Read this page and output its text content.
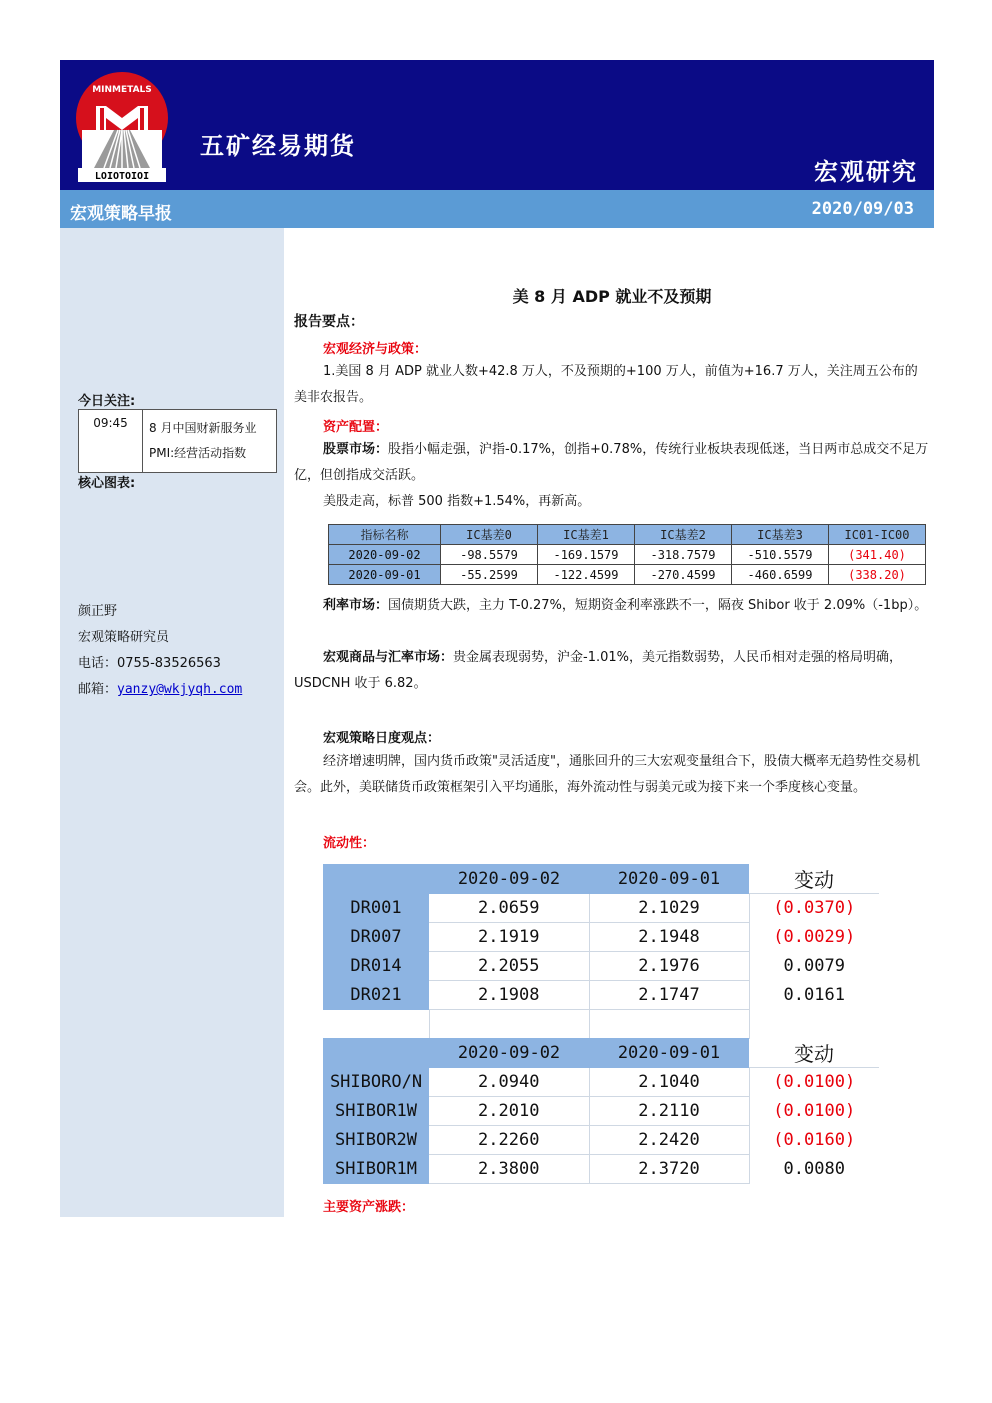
MINMETALS
LOIOTOIOI
五矿经易期货
宏观研究
宏观策略早报	2020/09/03
今日关注:
09:45	8 月中国财新服务业PMI:经营活动指数
核心图表:
颜正野
宏观策略研究员
电话：0755-83526563
邮箱：yanzy@wkjyqh.com
美 8 月 ADP 就业不及预期
报告要点：
宏观经济与政策：
1.美国 8 月 ADP 就业人数+42.8 万人，不及预期的+100 万人，前值为+16.7 万人，关注周五公布的美非农报告。
资产配置：
股票市场：股指小幅走强，沪指-0.17%，创指+0.78%，传统行业板块表现低迷，当日两市总成交不足万亿，但创指成交活跃。
美股走高，标普 500 指数+1.54%，再新高。
指标名称	IC基差0	IC基差1	IC基差2	IC基差3	IC01-IC00
2020-09-02	-98.5579	-169.1579	-318.7579	-510.5579	(341.40)
2020-09-01	-55.2599	-122.4599	-270.4599	-460.6599	(338.20)
利率市场：国债期货大跌，主力 T-0.27%，短期资金利率涨跌不一，隔夜 Shibor 收于 2.09%（-1bp）。
宏观商品与汇率市场：贵金属表现弱势，沪金-1.01%，美元指数弱势，人民币相对走强的格局明确，USDCNH 收于 6.82。
宏观策略日度观点：
经济增速明牌，国内货币政策"灵活适度"，通胀回升的三大宏观变量组合下，股债大概率无趋势性交易机会。此外，美联储货币政策框架引入平均通胀，海外流动性与弱美元或为接下来一个季度核心变量。
流动性：
	2020-09-02	2020-09-01	变动
DR001	2.0659	2.1029	(0.0370)
DR007	2.1919	2.1948	(0.0029)
DR014	2.2055	2.1976	0.0079
DR021	2.1908	2.1747	0.0161

	2020-09-02	2020-09-01	变动
SHIBORO/N	2.0940	2.1040	(0.0100)
SHIBOR1W	2.2010	2.2110	(0.0100)
SHIBOR2W	2.2260	2.2420	(0.0160)
SHIBOR1M	2.3800	2.3720	0.0080
主要资产涨跌：
